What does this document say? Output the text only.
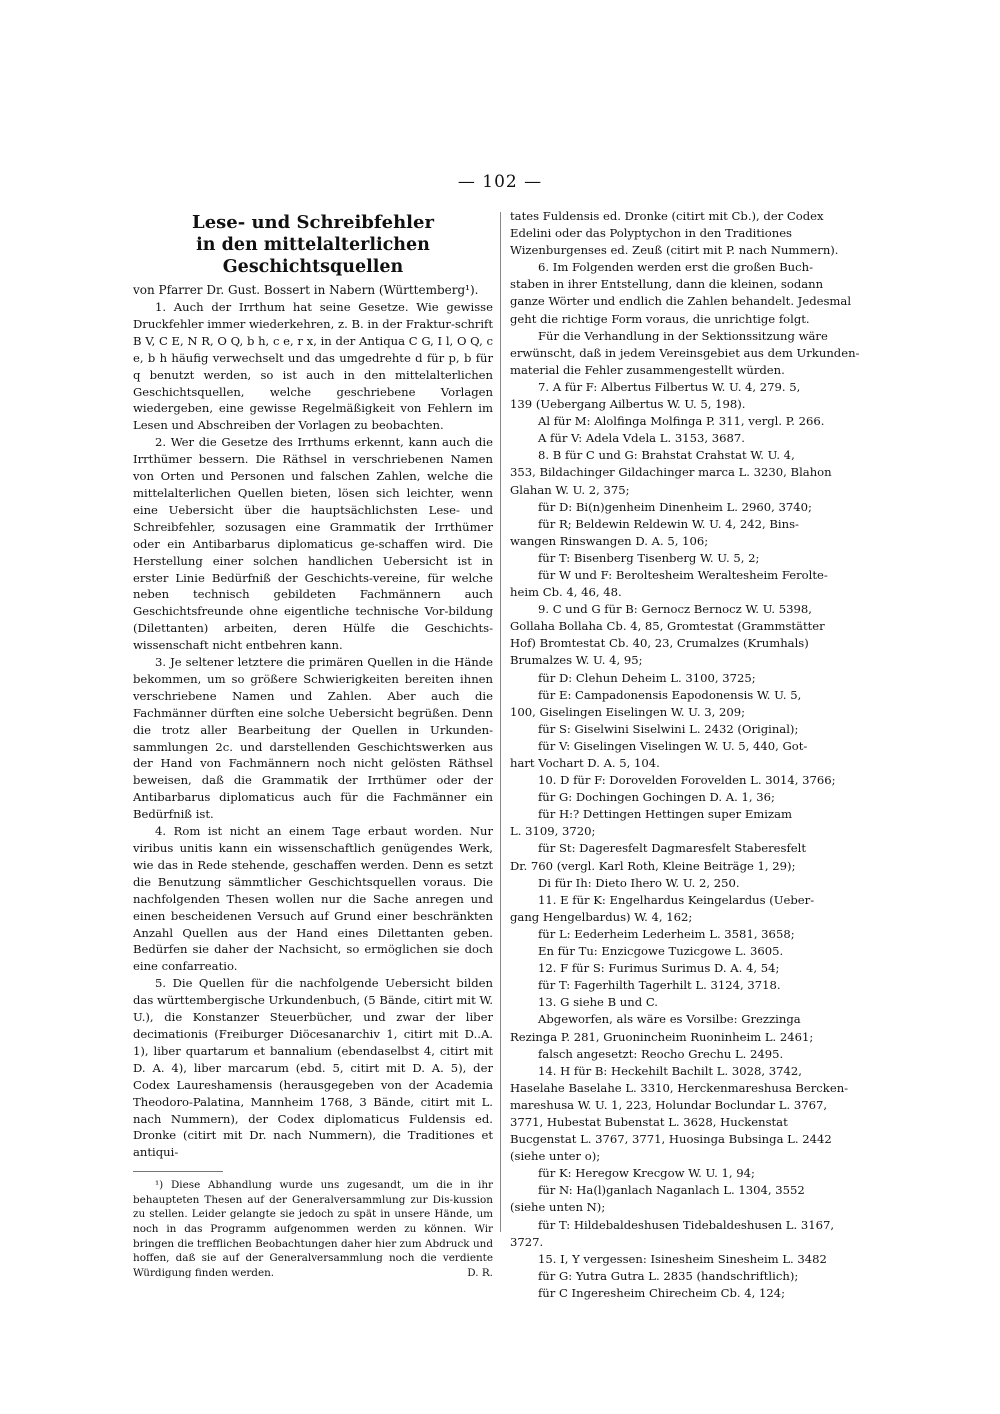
— 102 —
Lese- und Schreibfehler
in den mittelalterlichen Geschichtsquellen
von Pfarrer Dr. Gust. Bossert in Nabern (Württemberg¹).

1. Auch der Irrthum hat seine Gesetze. Wie gewisse Druckfehler immer wiederkehren, z. B. in der Fraktur-schrift B V, C E, N R, O Q, b h, c e, r x, in der Antiqua C G, I l, O Q, c e, b h häufig verwechselt und das umgedrehte d für p, b für q benutzt werden, so ist auch in den mittelalterlichen Geschichtsquellen, welche geschriebene Vorlagen wiedergeben, eine gewisse Regelmäßigkeit von Fehlern im Lesen und Abschreiben der Vorlagen zu beobachten.

2. Wer die Gesetze des Irrthums erkennt, kann auch die Irrthümer bessern. Die Räthsel in verschriebenen Namen von Orten und Personen und falschen Zahlen, welche die mittelalterlichen Quellen bieten, lösen sich leichter, wenn eine Uebersicht über die hauptsächlichsten Lese- und Schreibfehler, sozusagen eine Grammatik der Irrthümer oder ein Antibarbarus diplomaticus ge-schaffen wird. Die Herstellung einer solchen handlichen Uebersicht ist in erster Linie Bedürfniß der Geschichts-vereine, für welche neben technisch gebildeten Fachmännern auch Geschichtsfreunde ohne eigentliche technische Vor-bildung (Dilettanten) arbeiten, deren Hülfe die Geschichts-wissenschaft nicht entbehren kann.

3. Je seltener letztere die primären Quellen in die Hände bekommen, um so größere Schwierigkeiten bereiten ihnen verschriebene Namen und Zahlen. Aber auch die Fachmänner dürften eine solche Uebersicht begrüßen. Denn die trotz aller Bearbeitung der Quellen in Urkunden-sammlungen 2c. und darstellenden Geschichtswerken aus der Hand von Fachmännern noch nicht gelösten Räthsel beweisen, daß die Grammatik der Irrthümer oder der Antibarbarus diplomaticus auch für die Fachmänner ein Bedürfniß ist.

4. Rom ist nicht an einem Tage erbaut worden. Nur viribus unitis kann ein wissenschaftlich genügendes Werk, wie das in Rede stehende, geschaffen werden. Denn es setzt die Benutzung sämmtlicher Geschichtsquellen voraus. Die nachfolgenden Thesen wollen nur die Sache anregen und einen bescheidenen Versuch auf Grund einer beschränkten Anzahl Quellen aus der Hand eines Dilettanten geben. Bedürfen sie daher der Nachsicht, so ermöglichen sie doch eine confarreatio.

5. Die Quellen für die nachfolgende Uebersicht bilden das württembergische Urkundenbuch, (5 Bände, citirt mit W. U.), die Konstanzer Steuerbücher, und zwar der liber decimationis (Freiburger Diöcesanarchiv 1, citirt mit D..A. 1), liber quartarum et bannalium (ebendaselbst 4, citirt mit D. A. 4), liber marcarum (ebd. 5, citirt mit D. A. 5), der Codex Laureshamensis (herausgegeben von der Academia Theodoro-Palatina, Mannheim 1768, 3 Bände, citirt mit L. nach Nummern), der Codex diplomaticus Fuldensis ed. Dronke (citirt mit Dr. nach Nummern), die Traditiones et antiqui-

¹) Diese Abhandlung wurde uns zugesandt, um die in ihr behaupteten Thesen auf der Generalversammlung zur Dis-kussion zu stellen. Leider gelangte sie jedoch zu spät in unsere Hände, um noch in das Programm aufgenommen werden zu können. Wir bringen die trefflichen Beobachtungen daher hier zum Abdruck und hoffen, daß sie auf der Generalversammlung noch die verdiente Würdigung finden werden.	D. R.

tates Fuldensis ed. Dronke (citirt mit Cb.), der Codex

Edelini oder das Polyptychon in den Traditiones

Wizenburgenses ed. Zeuß (citirt mit P. nach Nummern).

6. Im Folgenden werden erst die großen Buch-

staben in ihrer Entstellung, dann die kleinen, sodann

ganze Wörter und endlich die Zahlen behandelt. Jedesmal

geht die richtige Form voraus, die unrichtige folgt.

Für die Verhandlung in der Sektionssitzung wäre

erwünscht, daß in jedem Vereinsgebiet aus dem Urkunden-

material die Fehler zusammengestellt würden.

7. A für F: Albertus Filbertus W. U. 4, 279. 5,

139 (Uebergang Ailbertus W. U. 5, 198).

Al für M: Alolfinga Molfinga P. 311, vergl. P. 266.

A für V: Adela Vdela L. 3153, 3687.

8. B für C und G: Brahstat Crahstat W. U. 4,

353, Bildachinger Gildachinger marca L. 3230, Blahon

Glahan W. U. 2, 375;

für D: Bi(n)genheim Dinenheim L. 2960, 3740;

für R; Beldewin Reldewin W. U. 4, 242, Bins-

wangen Rinswangen D. A. 5, 106;

für T: Bisenberg Tisenberg W. U. 5, 2;

für W und F: Beroltesheim Weraltesheim Ferolte-

heim Cb. 4, 46, 48.

9. C und G für B: Gernocz Bernocz W. U. 5398,

Gollaha Bollaha Cb. 4, 85, Gromtestat (Grammstätter

Hof) Bromtestat Cb. 40, 23, Crumalzes (Krumhals)

Brumalzes W. U. 4, 95;

für D: Clehun Deheim L. 3100, 3725;

für E: Campadonensis Eapodonensis W. U. 5,

100, Giselingen Eiselingen W. U. 3, 209;

für S: Giselwini Siselwini L. 2432 (Original);

für V: Giselingen Viselingen W. U. 5, 440, Got-

hart Vochart D. A. 5, 104.

10. D für F: Dorovelden Forovelden L. 3014, 3766;

für G: Dochingen Gochingen D. A. 1, 36;

für H:? Dettingen Hettingen super Emizam

L. 3109, 3720;

für St: Dageresfelt Dagmaresfelt Staberesfelt

Dr. 760 (vergl. Karl Roth, Kleine Beiträge 1, 29);

Di für Ih: Dieto Ihero W. U. 2, 250.

11. E für K: Engelhardus Keingelardus (Ueber-

gang Hengelbardus) W. 4, 162;

für L: Eederheim Lederheim L. 3581, 3658;

En für Tu: Enzicgowe Tuzicgowe L. 3605.

12. F für S: Furimus Surimus D. A. 4, 54;

für T: Fagerhilth Tagerhilt L. 3124, 3718.

13. G siehe B und C.

Abgeworfen, als wäre es Vorsilbe: Grezzinga

Rezinga P. 281, Gruonincheim Ruoninheim L. 2461;

falsch angesetzt: Reocho Grechu L. 2495.

14. H für B: Heckehilt Bachilt L. 3028, 3742,

Haselahe Baselahe L. 3310, Herckenmareshusa Bercken-

mareshusa W. U. 1, 223, Holundar Boclundar L. 3767,

3771, Hubestat Bubenstat L. 3628, Huckenstat

Bucgenstat L. 3767, 3771, Huosinga Bubsinga L. 2442

(siehe unter o);

für K: Heregow Krecgow W. U. 1, 94;

für N: Ha(l)ganlach Naganlach L. 1304, 3552

(siehe unten N);

für T: Hildebaldeshusen Tidebaldeshusen L. 3167,

3727.

15. I, Y vergessen: Isinesheim Sinesheim L. 3482

für G: Yutra Gutra L. 2835 (handschriftlich);

für C Ingeresheim Chirecheim Cb. 4, 124;
